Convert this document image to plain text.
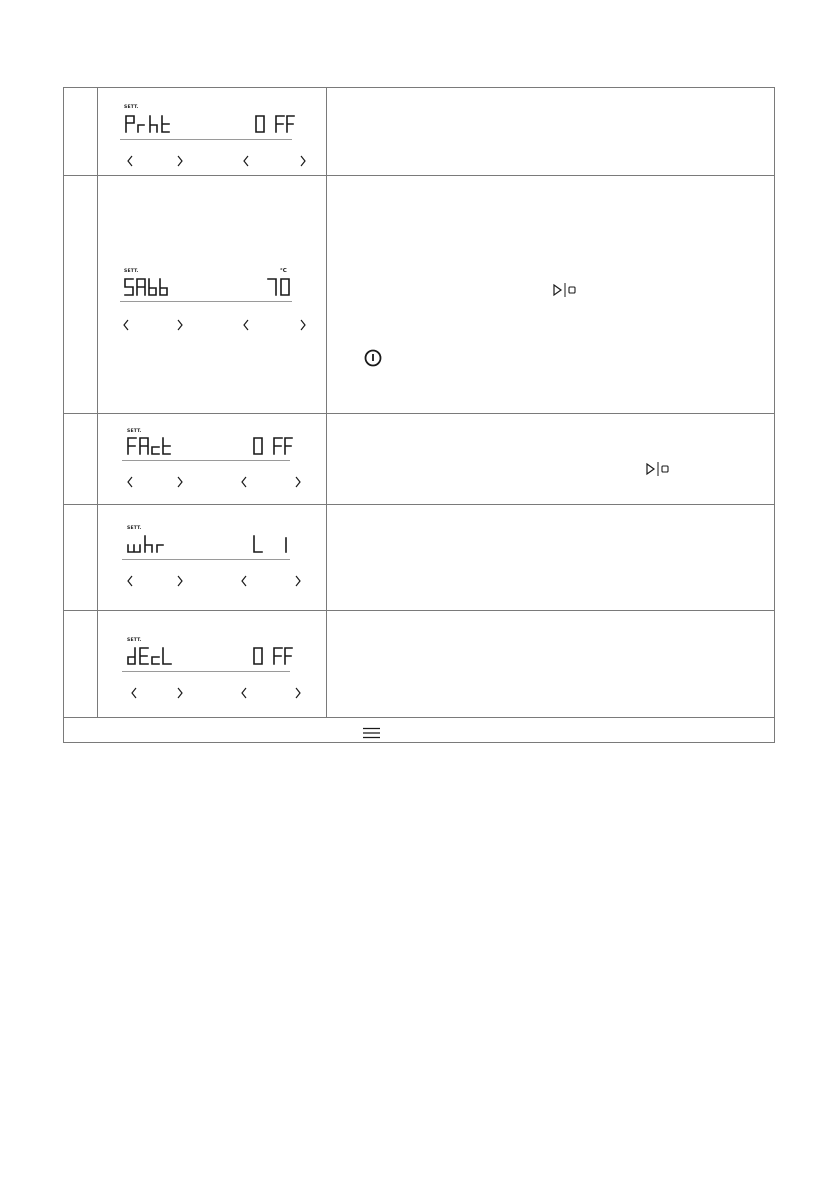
SETT.
SETT.	°C
SETT.
SETT.
SETT.
